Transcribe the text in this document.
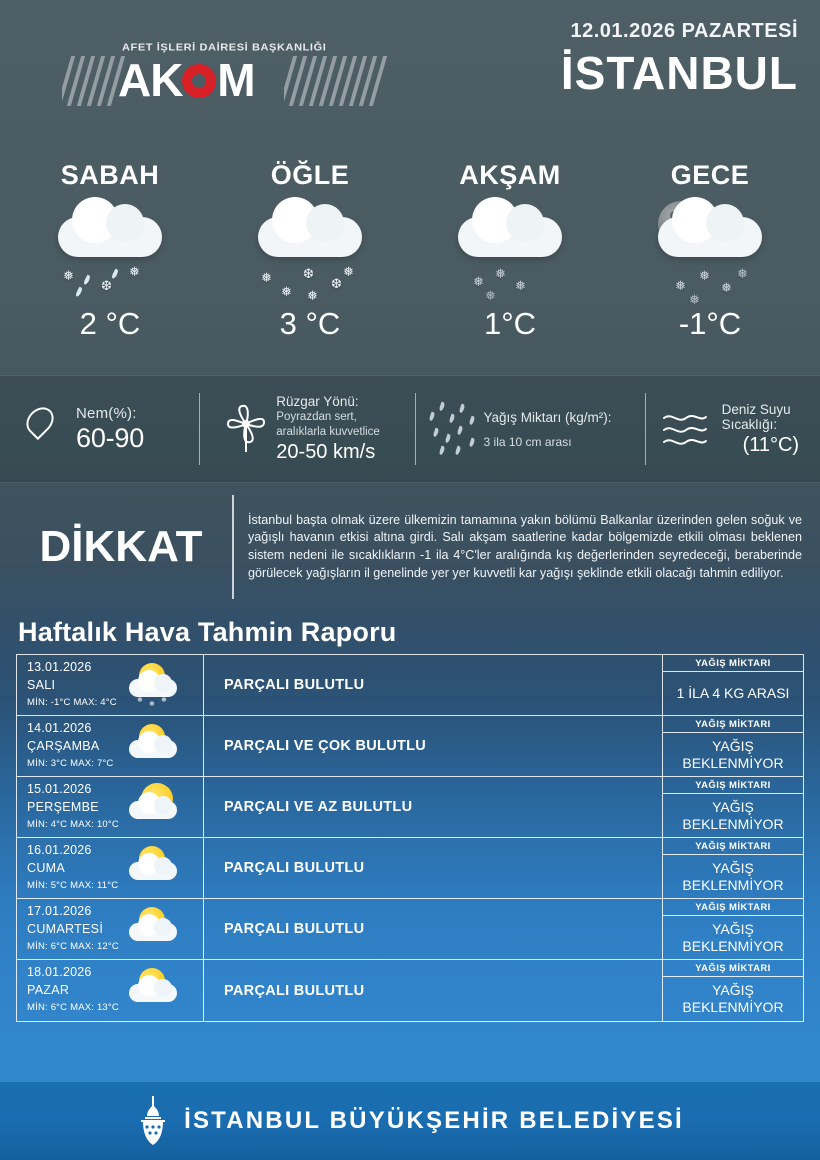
AFET İŞLERİ DAİRESİ BAŞKANLIĞI
AK M
12.01.2026 PAZARTESİ
İSTANBUL
SABAH
❅
❆
❅
2 °C
ÖĞLE
❅
❅
❆
❅
❆
❅
3 °C
AKŞAM
❅
❅
❅
❅
1°C
GECE
❅
❅
❅
❅
❅
-1°C
Nem(%):
60-90
Rüzgar Yönü:
Poyrazdan sert,
aralıklarla kuvvetlice
20-50 km/s
Yağış Miktarı (kg/m²):
3 ila 10 cm arası
Deniz Suyu Sıcaklığı:
(11°C)
DİKKAT
İstanbul başta olmak üzere ülkemizin tamamına yakın bölümü Balkanlar üzerinden gelen soğuk ve yağışlı havanın etkisi altına girdi. Salı akşam saatlerine kadar bölgemizde etkili olması beklenen sistem nedeni ile sıcaklıkların -1 ila 4°C'ler aralığında kış değerlerinden seyredeceği, beraberinde görülecek yağışların il genelinde yer yer kuvvetli kar yağışı şeklinde etkili olacağı tahmin ediliyor.
Haftalık Hava Tahmin Raporu
13.01.2026
SALI
MİN: -1°C MAX: 4°C	❅
❅
❅
PARÇALI BULUTLU
YAĞIŞ MİKTARI
1 İLA 4 KG ARASI
14.01.2026
ÇARŞAMBA
MİN: 3°C MAX: 7°C
PARÇALI VE ÇOK BULUTLU
YAĞIŞ MİKTARI
YAĞIŞ BEKLENMİYOR
15.01.2026
PERŞEMBE
MİN: 4°C MAX: 10°C
PARÇALI VE AZ BULUTLU
YAĞIŞ MİKTARI
YAĞIŞ BEKLENMİYOR
16.01.2026
CUMA
MİN: 5°C MAX: 11°C
PARÇALI BULUTLU
YAĞIŞ MİKTARI
YAĞIŞ BEKLENMİYOR
17.01.2026
CUMARTESİ
MİN: 6°C MAX: 12°C
PARÇALI BULUTLU
YAĞIŞ MİKTARI
YAĞIŞ BEKLENMİYOR
18.01.2026
PAZAR
MİN: 6°C MAX: 13°C
PARÇALI BULUTLU
YAĞIŞ MİKTARI
YAĞIŞ BEKLENMİYOR
İSTANBUL BÜYÜKŞEHİR BELEDİYESİ
